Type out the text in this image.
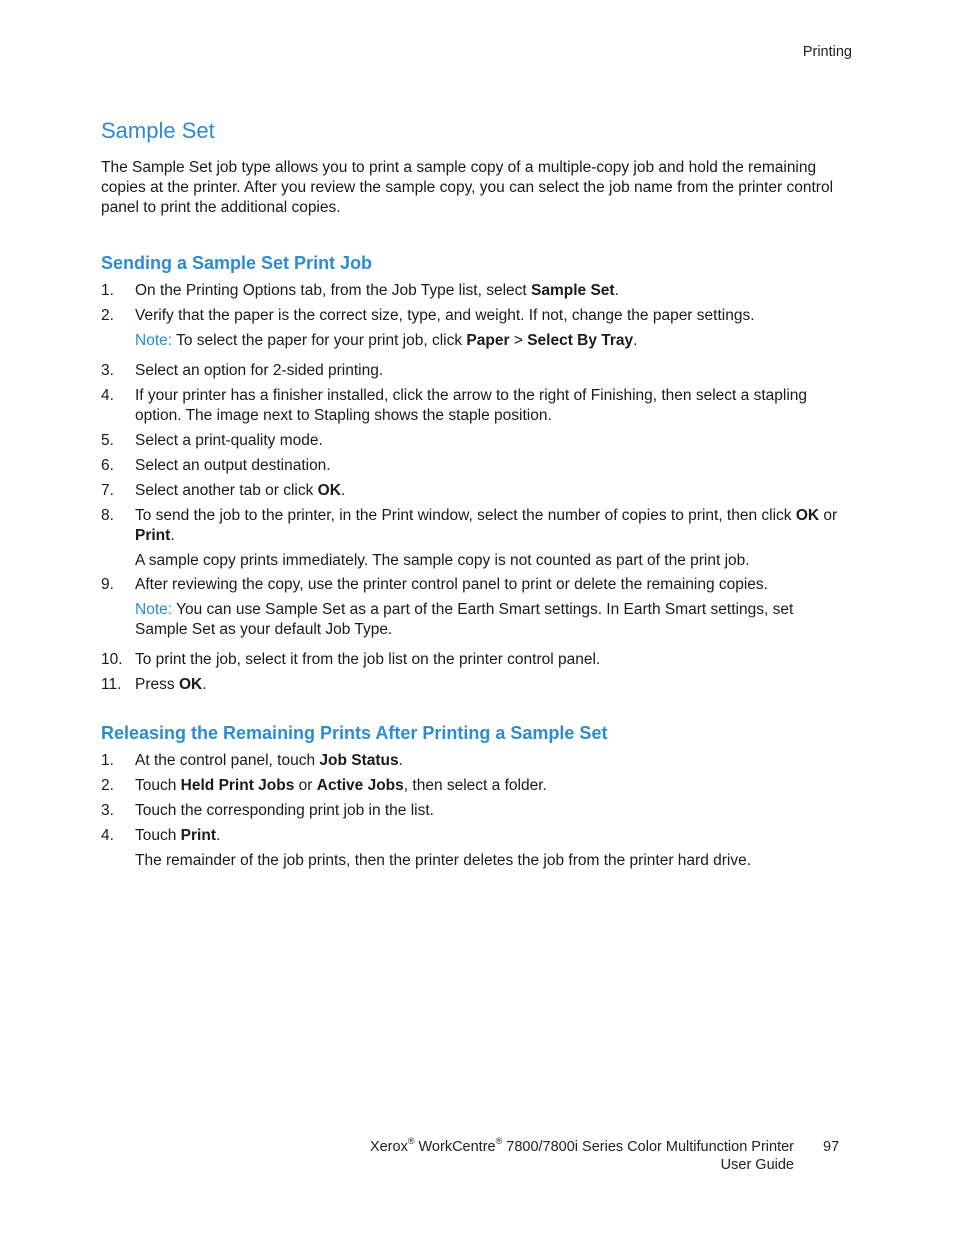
Printing
Sample Set

The Sample Set job type allows you to print a sample copy of a multiple-copy job and hold the remaining copies at the printer. After you review the sample copy, you can select the job name from the printer control panel to print the additional copies.

Sending a Sample Set Print Job
1.	On the Printing Options tab, from the Job Type list, select Sample Set.
2.	Verify that the paper is the correct size, type, and weight. If not, change the paper settings.
Note: To select the paper for your print job, click Paper > Select By Tray.
3.	Select an option for 2-sided printing.
4.	If your printer has a finisher installed, click the arrow to the right of Finishing, then select a stapling option. The image next to Stapling shows the staple position.
5.	Select a print-quality mode.
6.	Select an output destination.
7.	Select another tab or click OK.
8.	To send the job to the printer, in the Print window, select the number of copies to print, then click OK or Print.
A sample copy prints immediately. The sample copy is not counted as part of the print job.
9.	After reviewing the copy, use the printer control panel to print or delete the remaining copies.
Note: You can use Sample Set as a part of the Earth Smart settings. In Earth Smart settings, set Sample Set as your default Job Type.
10. To print the job, select it from the job list on the printer control panel.
11. Press OK.
Releasing the Remaining Prints After Printing a Sample Set
1.	At the control panel, touch Job Status.
2.	Touch Held Print Jobs or Active Jobs, then select a folder.
3.	Touch the corresponding print job in the list.
4.	Touch Print.
The remainder of the job prints, then the printer deletes the job from the printer hard drive.
Xerox® WorkCentre® 7800/7800i Series Color Multifunction Printer
User Guide
97
